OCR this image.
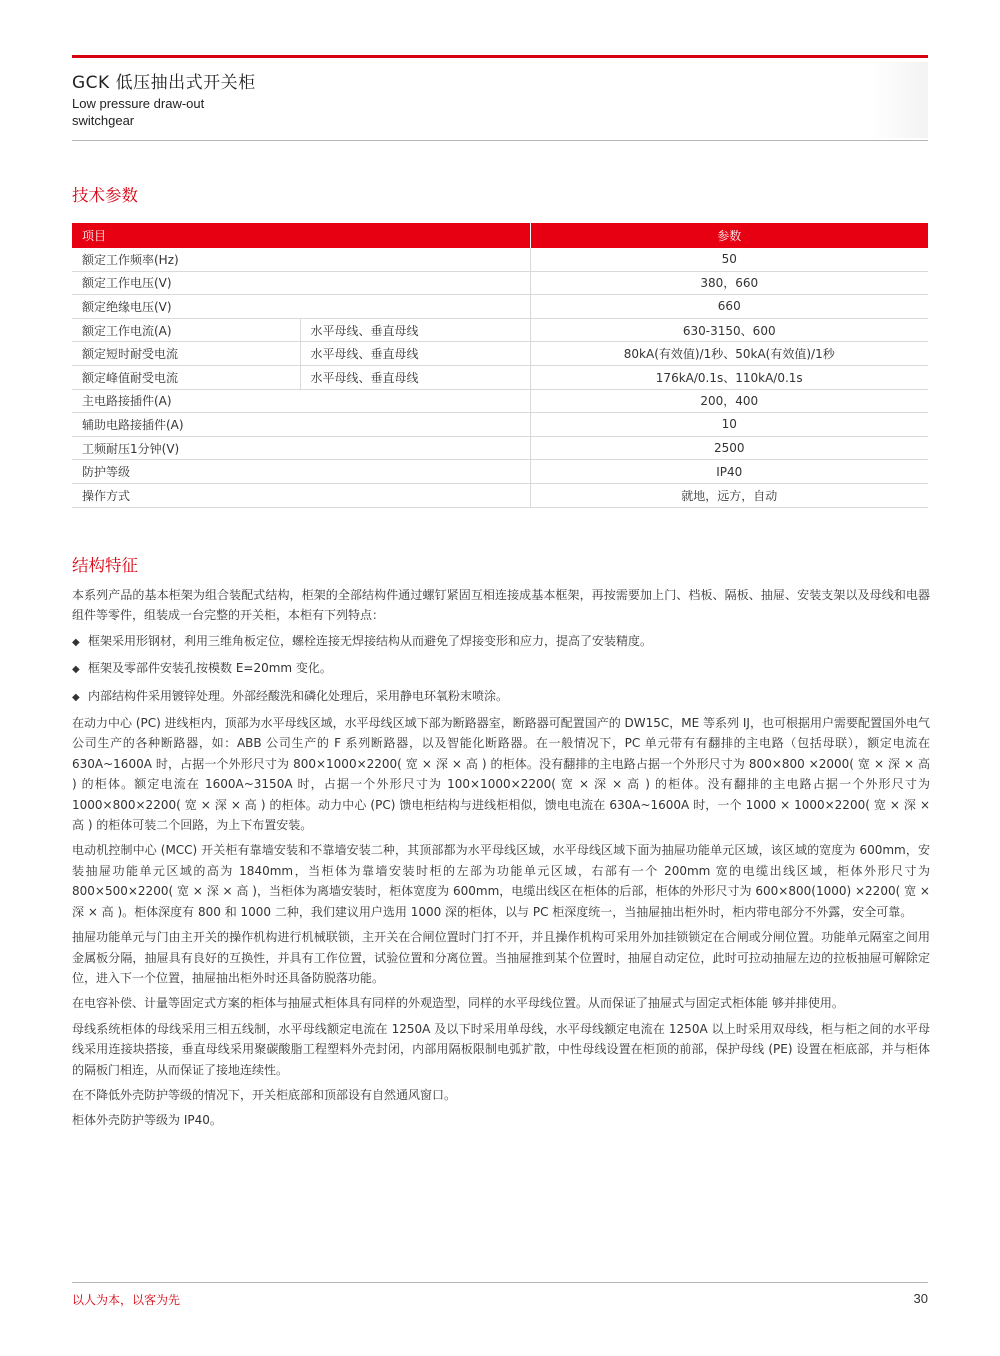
GCK 低压抽出式开关柜
Low pressure draw-out
switchgear
技术参数
项目		参数
额定工作频率(Hz)		50
额定工作电压(V)		380，660
额定绝缘电压(V)		660
额定工作电流(A)	水平母线、垂直母线	630-3150、600
额定短时耐受电流	水平母线、垂直母线	80kA(有效值)/1秒、50kA(有效值)/1秒
额定峰值耐受电流	水平母线、垂直母线	176kA/0.1s、110kA/0.1s
主电路接插件(A)		200，400
辅助电路接插件(A)		10
工频耐压1分钟(V)		2500
防护等级		IP40
操作方式		就地，远方，自动
结构特征

本系列产品的基本柜架为组合装配式结构，柜架的全部结构件通过螺钉紧固互相连接成基本框架，再按需要加上门、档板、隔板、抽屉、安装支架以及母线和电器组件等零件，组装成一台完整的开关柜，本柜有下列特点：

◆ 框架采用形钢材，利用三维角板定位，螺栓连接无焊接结构从而避免了焊接变形和应力，提高了安装精度。

◆ 框架及零部件安装孔按模数 E=20mm 变化。

◆ 内部结构件采用镀锌处理。外部经酸洗和磷化处理后，采用静电环氧粉末喷涂。

在动力中心 (PC) 进线柜内，顶部为水平母线区域，水平母线区域下部为断路器室，断路器可配置国产的 DW15C，ME 等系列 IJ，也可根据用户需要配置国外电气公司生产的各种断路器，如：ABB 公司生产的 F 系列断路器，以及智能化断路器。在一般情况下，PC 单元带有有翻排的主电路（包括母联），额定电流在 630A~1600A 时，占据一个外形尺寸为 800×1000×2200( 宽 × 深 × 高 ) 的柜体。没有翻排的主电路占据一个外形尺寸为 800×800 ×2000( 宽 × 深 × 高 ) 的柜体。额定电流在 1600A~3150A 时，占据一个外形尺寸为 100×1000×2200( 宽 × 深 × 高 ) 的柜体。没有翻排的主电路占据一个外形尺寸为 1000×800×2200( 宽 × 深 × 高 ) 的柜体。动力中心 (PC) 馈电柜结构与进线柜相似，馈电电流在 630A~1600A 时，一个 1000 × 1000×2200( 宽 × 深 × 高 ) 的柜体可装二个回路，为上下布置安装。

电动机控制中心 (MCC) 开关柜有靠墙安装和不靠墙安装二种，其顶部都为水平母线区域，水平母线区域下面为抽屉功能单元区域，该区域的宽度为 600mm，安装抽屉功能单元区域的高为 1840mm，当柜体为靠墙安装时柜的左部为功能单元区域，右部有一个 200mm 宽的电缆出线区域，柜体外形尺寸为 800×500×2200( 宽 × 深 × 高 )，当柜体为离墙安装时，柜体宽度为 600mm，电缆出线区在柜体的后部，柜体的外形尺寸为 600×800(1000) ×2200( 宽 × 深 × 高 )。柜体深度有 800 和 1000 二种，我们建议用户选用 1000 深的柜体，以与 PC 柜深度统一，当抽屉抽出柜外时，柜内带电部分不外露，安全可靠。

抽屉功能单元与门由主开关的操作机构进行机械联锁，主开关在合闸位置时门打不开，并且操作机构可采用外加挂锁锁定在合闸或分闸位置。功能单元隔室之间用金属板分隔，抽屉具有良好的互换性，并具有工作位置，试验位置和分离位置。当抽屉推到某个位置时，抽屉自动定位，此时可拉动抽屉左边的拉板抽屉可解除定位，进入下一个位置，抽屉抽出柜外时还具备防脱落功能。

在电容补偿、计量等固定式方案的柜体与抽屉式柜体具有同样的外观造型，同样的水平母线位置。从而保证了抽屉式与固定式柜体能 够并排使用。

母线系统柜体的母线采用三相五线制，水平母线额定电流在 1250A 及以下时采用单母线，水平母线额定电流在 1250A 以上时采用双母线，柜与柜之间的水平母线采用连接块搭接，垂直母线采用聚碳酸脂工程塑料外壳封闭，内部用隔板限制电弧扩散，中性母线设置在柜顶的前部，保护母线 (PE) 设置在柜底部，并与柜体的隔板门相连，从而保证了接地连续性。

在不降低外壳防护等级的情况下，开关柜底部和顶部设有自然通风窗口。

柜体外壳防护等级为 IP40。

以人为本，以客为先	30
